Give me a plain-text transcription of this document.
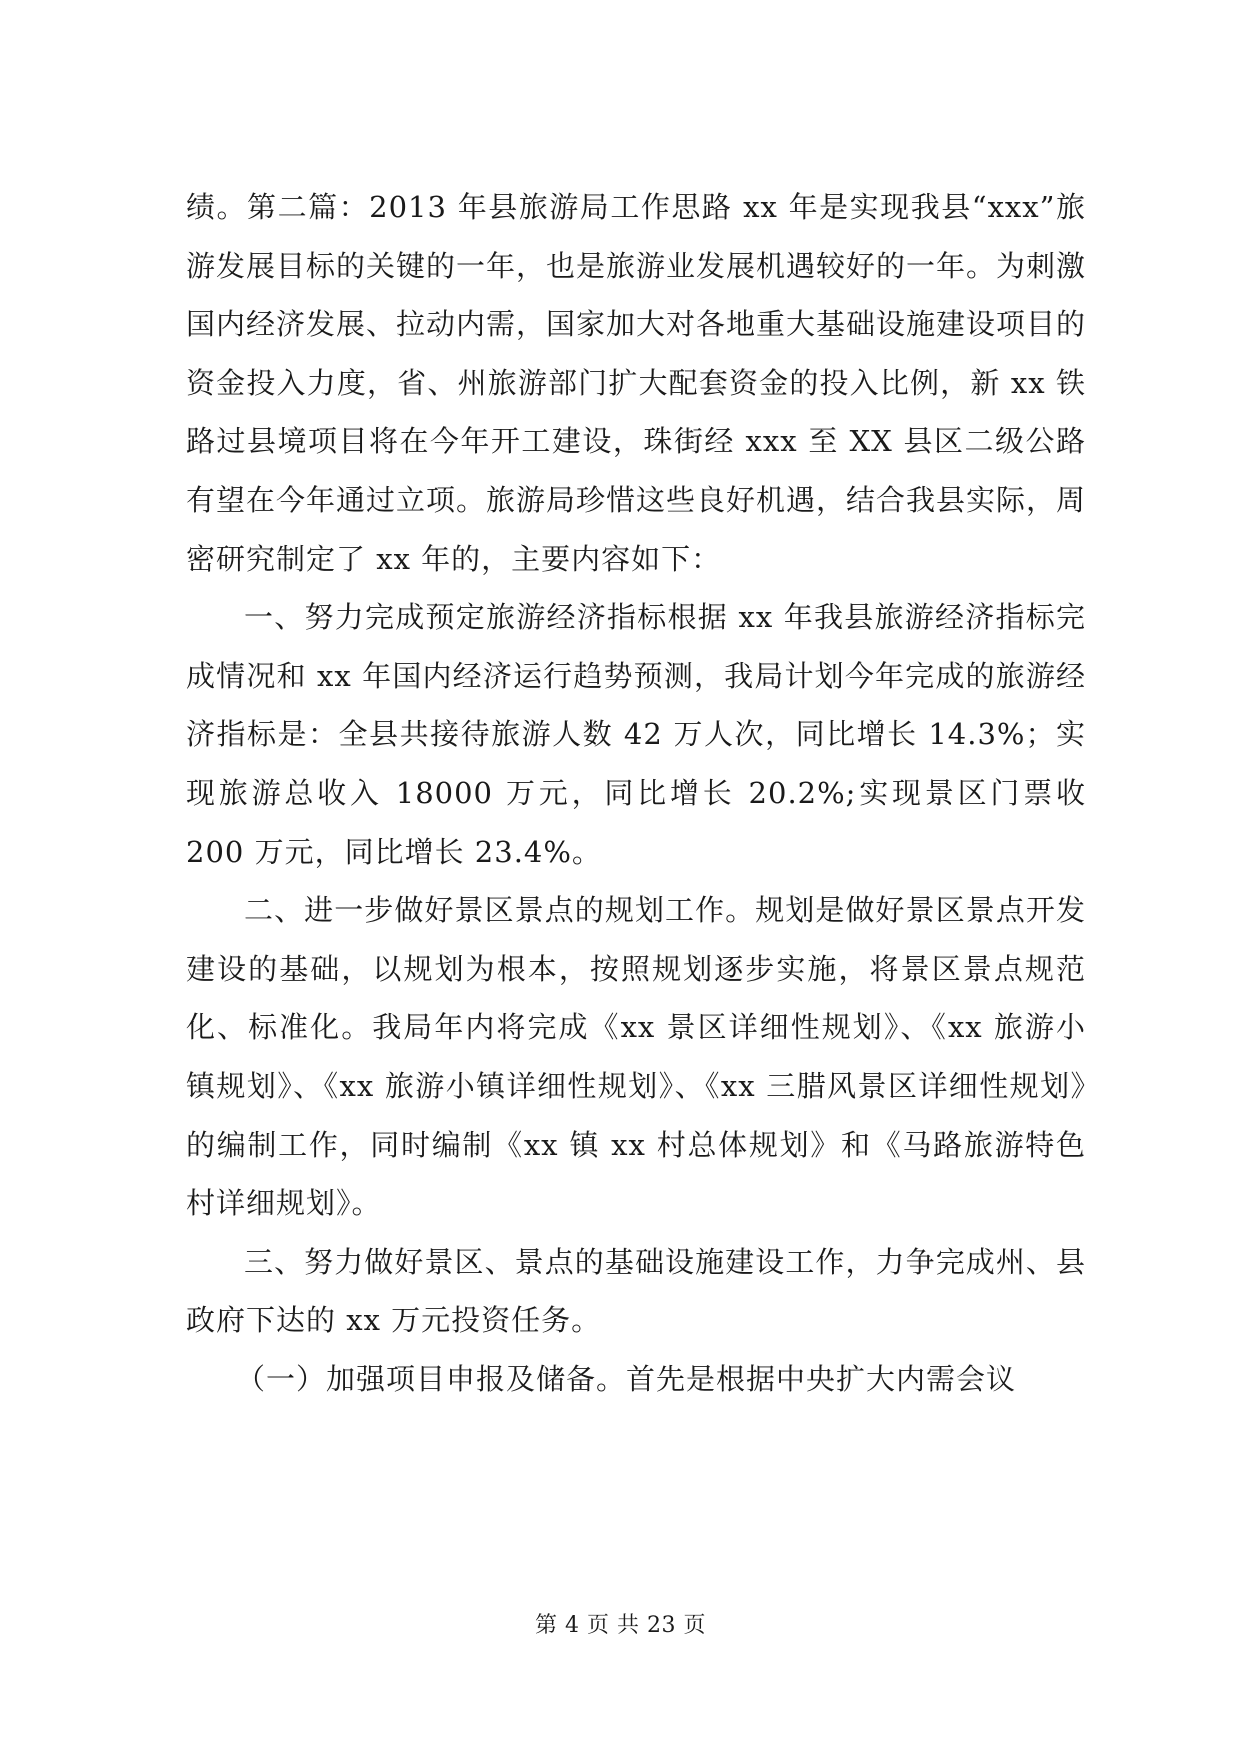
绩。第二篇：2013 年县旅游局工作思路 xx 年是实现我县“xxx”旅游发展目标的关键的一年，也是旅游业发展机遇较好的一年。为刺激国内经济发展、拉动内需，国家加大对各地重大基础设施建设项目的资金投入力度，省、州旅游部门扩大配套资金的投入比例，新 xx 铁路过县境项目将在今年开工建设，珠街经 xxx 至 XX 县区二级公路有望在今年通过立项。旅游局珍惜这些良好机遇，结合我县实际，周密研究制定了 xx 年的，主要内容如下：

一、努力完成预定旅游经济指标根据 xx 年我县旅游经济指标完成情况和 xx 年国内经济运行趋势预测，我局计划今年完成的旅游经济指标是：全县共接待旅游人数 42 万人次，同比增长 14.3%；实现旅游总收入 18000 万元，同比增长 20.2%;实现景区门票收 200 万元，同比增长 23.4%。

二、进一步做好景区景点的规划工作。规划是做好景区景点开发建设的基础，以规划为根本，按照规划逐步实施，将景区景点规范化、标准化。我局年内将完成《xx 景区详细性规划》、《xx 旅游小镇规划》、《xx 旅游小镇详细性规划》、《xx 三腊风景区详细性规划》的编制工作，同时编制《xx 镇 xx 村总体规划》和《马路旅游特色村详细规划》。

三、努力做好景区、景点的基础设施建设工作，力争完成州、县政府下达的 xx 万元投资任务。

（一）加强项目申报及储备。首先是根据中央扩大内需会议

第 4 页 共 23 页
